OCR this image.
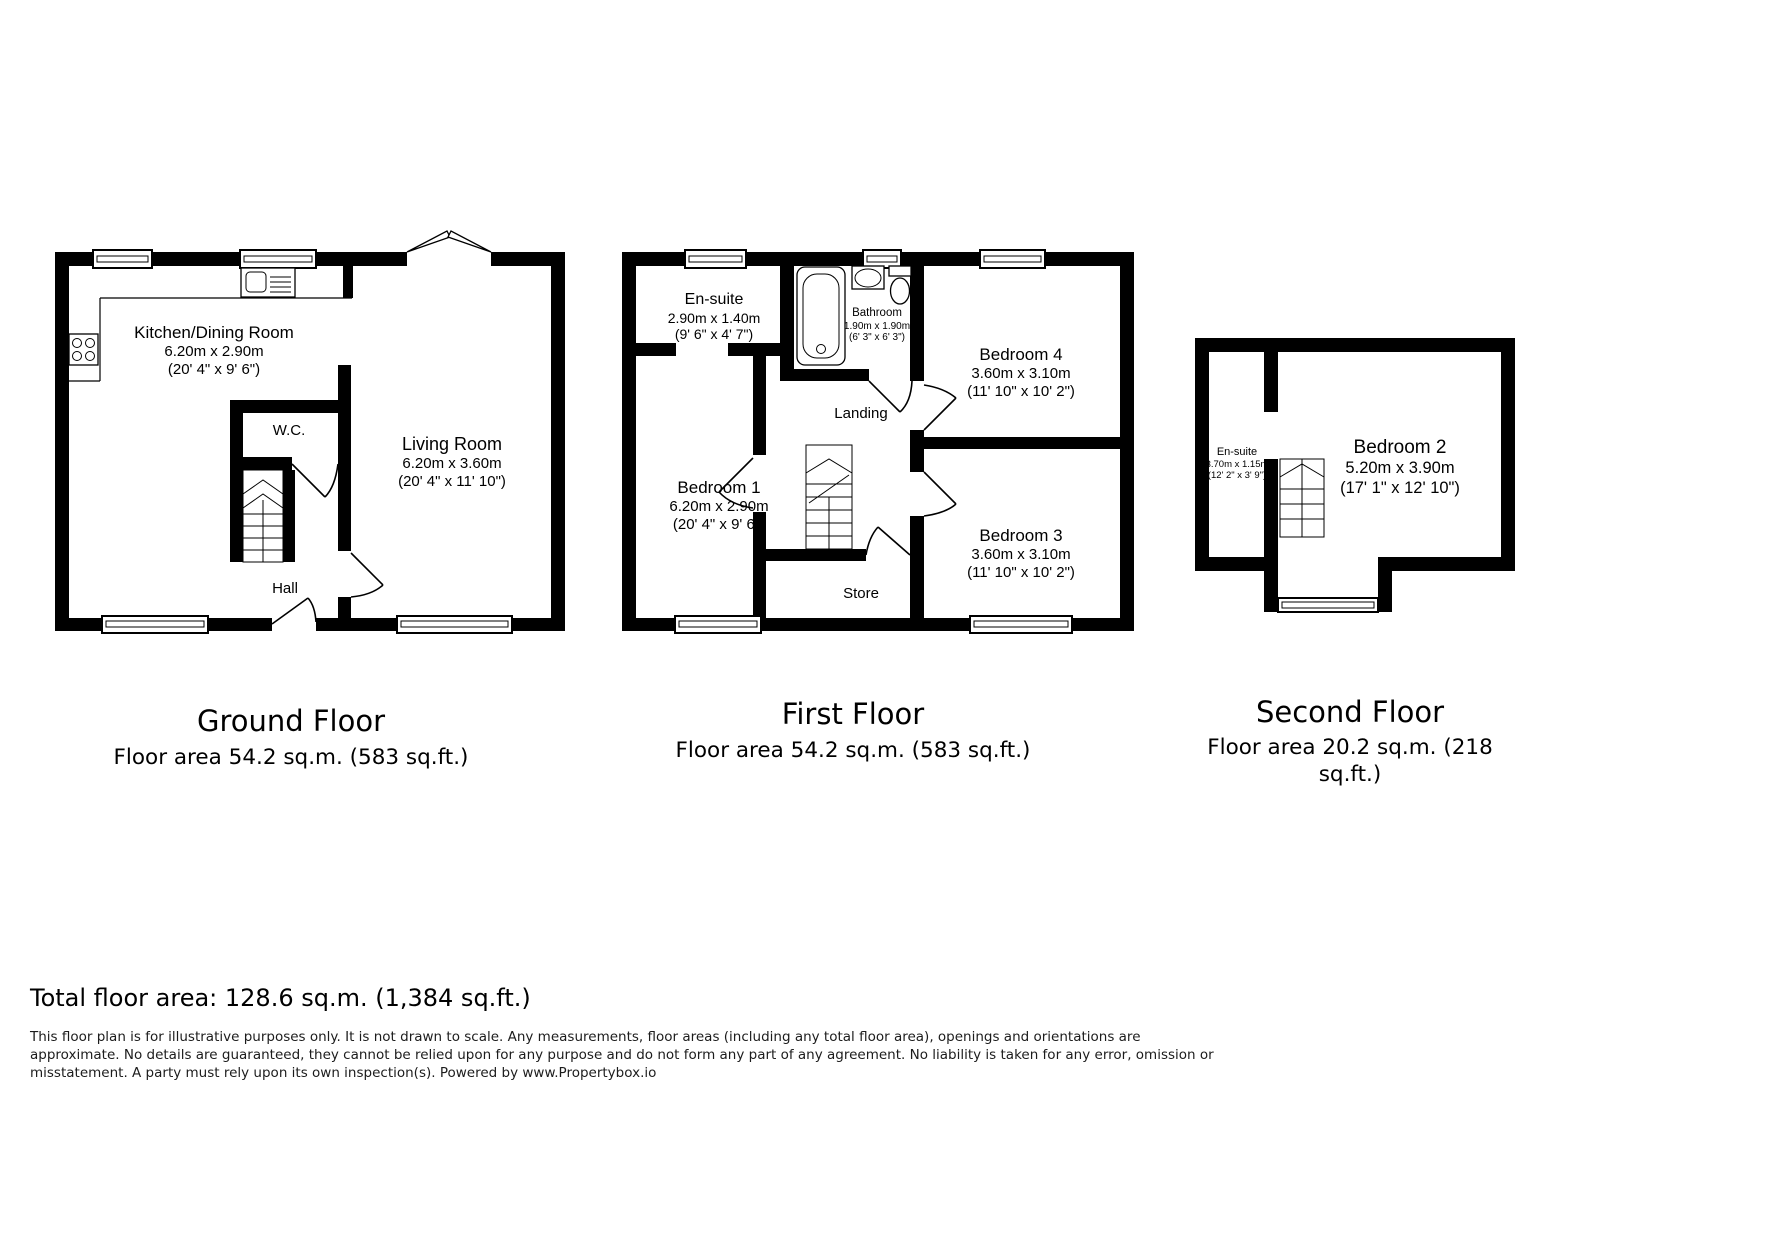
Kitchen/Dining Room
6.20m x 2.90m
(20' 4" x 9' 6")
W.C.
Living Room
6.20m x 3.60m
(20' 4" x 11' 10")
Hall
En-suite
2.90m x 1.40m
(9' 6" x 4' 7")
Bathroom
1.90m x 1.90m
(6' 3" x 6' 3")
Bedroom 4
3.60m x 3.10m
(11' 10" x 10' 2")
Landing
Bedroom 1
6.20m x 2.90m
(20' 4" x 9' 6")
Bedroom 3
3.60m x 3.10m
(11' 10" x 10' 2")
Store
En-suite
3.70m x 1.15m
(12' 2" x 3' 9")
Bedroom 2
5.20m x 3.90m
(17' 1" x 12' 10")
Ground Floor
Floor area 54.2 sq.m. (583 sq.ft.)
First Floor
Floor area 54.2 sq.m. (583 sq.ft.)
Second Floor
Floor area 20.2 sq.m. (218 sq.ft.)
Total floor area: 128.6 sq.m. (1,384 sq.ft.)
This floor plan is for illustrative purposes only. It is not drawn to scale. Any measurements, floor areas (including any total floor area), openings and orientations are
approximate. No details are guaranteed, they cannot be relied upon for any purpose and do not form any part of any agreement. No liability is taken for any error, omission or
misstatement. A party must rely upon its own inspection(s). Powered by www.Propertybox.io
